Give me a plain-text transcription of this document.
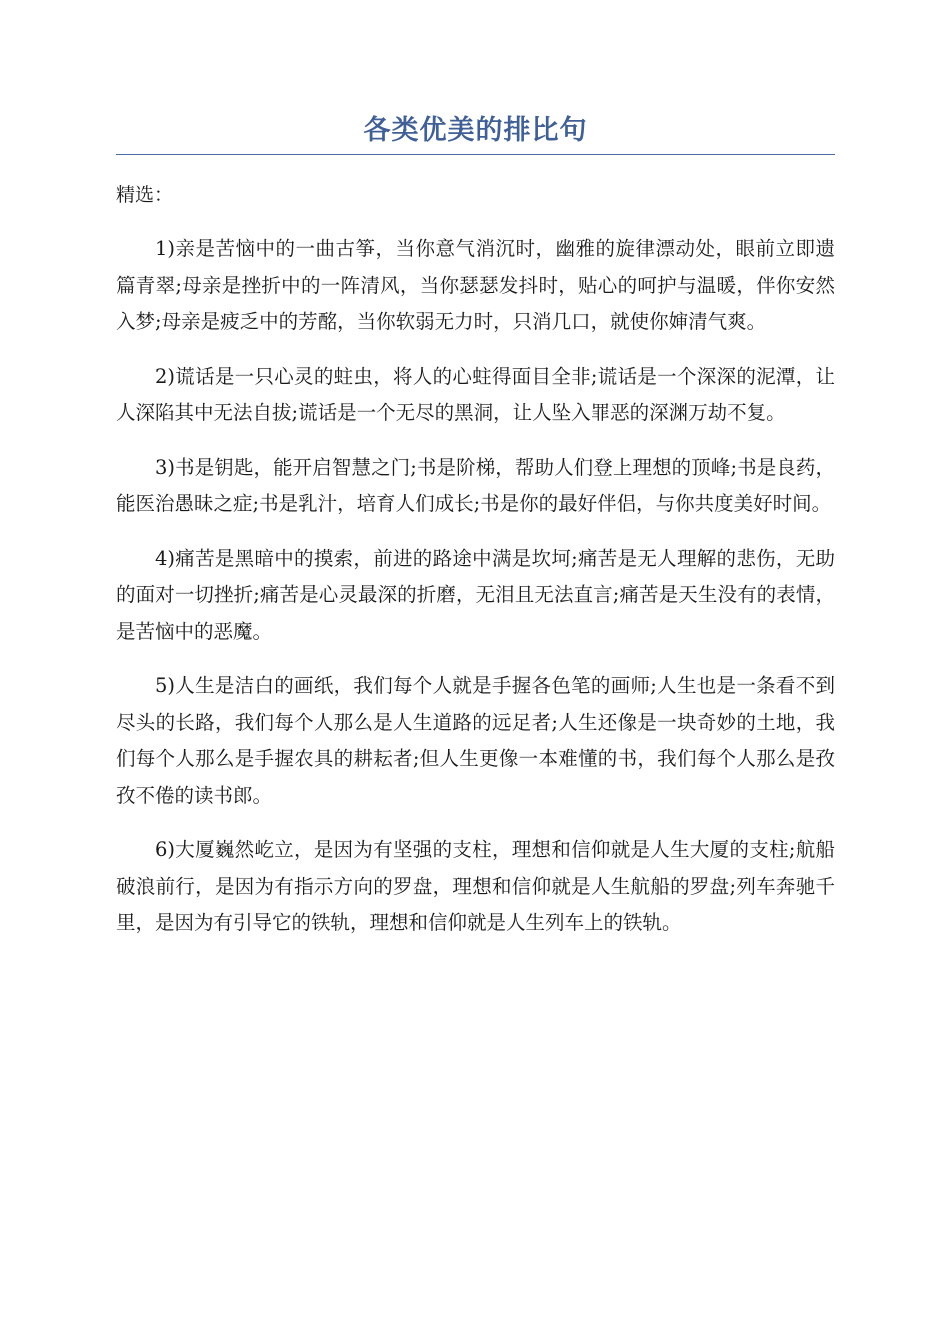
各类优美的排比句

精选：

1)亲是苦恼中的一曲古筝，当你意气消沉时，幽雅的旋律漂动处，眼前立即遗篇青翠;母亲是挫折中的一阵清风，当你瑟瑟发抖时，贴心的呵护与温暖，伴你安然入梦;母亲是疲乏中的芳酩，当你软弱无力时，只消几口，就使你婶清气爽。

2)谎话是一只心灵的蛀虫，将人的心蛀得面目全非;谎话是一个深深的泥潭，让人深陷其中无法自拔;谎话是一个无尽的黑洞，让人坠入罪恶的深渊万劫不复。

3)书是钥匙，能开启智慧之门;书是阶梯，帮助人们登上理想的顶峰;书是良药，能医治愚昧之症;书是乳汁，培育人们成长;书是你的最好伴侣，与你共度美好时间。

4)痛苦是黑暗中的摸索，前进的路途中满是坎坷;痛苦是无人理解的悲伤，无助的面对一切挫折;痛苦是心灵最深的折磨，无泪且无法直言;痛苦是天生没有的表情，是苦恼中的恶魔。

5)人生是洁白的画纸，我们每个人就是手握各色笔的画师;人生也是一条看不到尽头的长路，我们每个人那么是人生道路的远足者;人生还像是一块奇妙的土地，我们每个人那么是手握农具的耕耘者;但人生更像一本难懂的书，我们每个人那么是孜孜不倦的读书郎。

6)大厦巍然屹立，是因为有坚强的支柱，理想和信仰就是人生大厦的支柱;航船破浪前行，是因为有指示方向的罗盘，理想和信仰就是人生航船的罗盘;列车奔驰千里，是因为有引导它的铁轨，理想和信仰就是人生列车上的铁轨。
